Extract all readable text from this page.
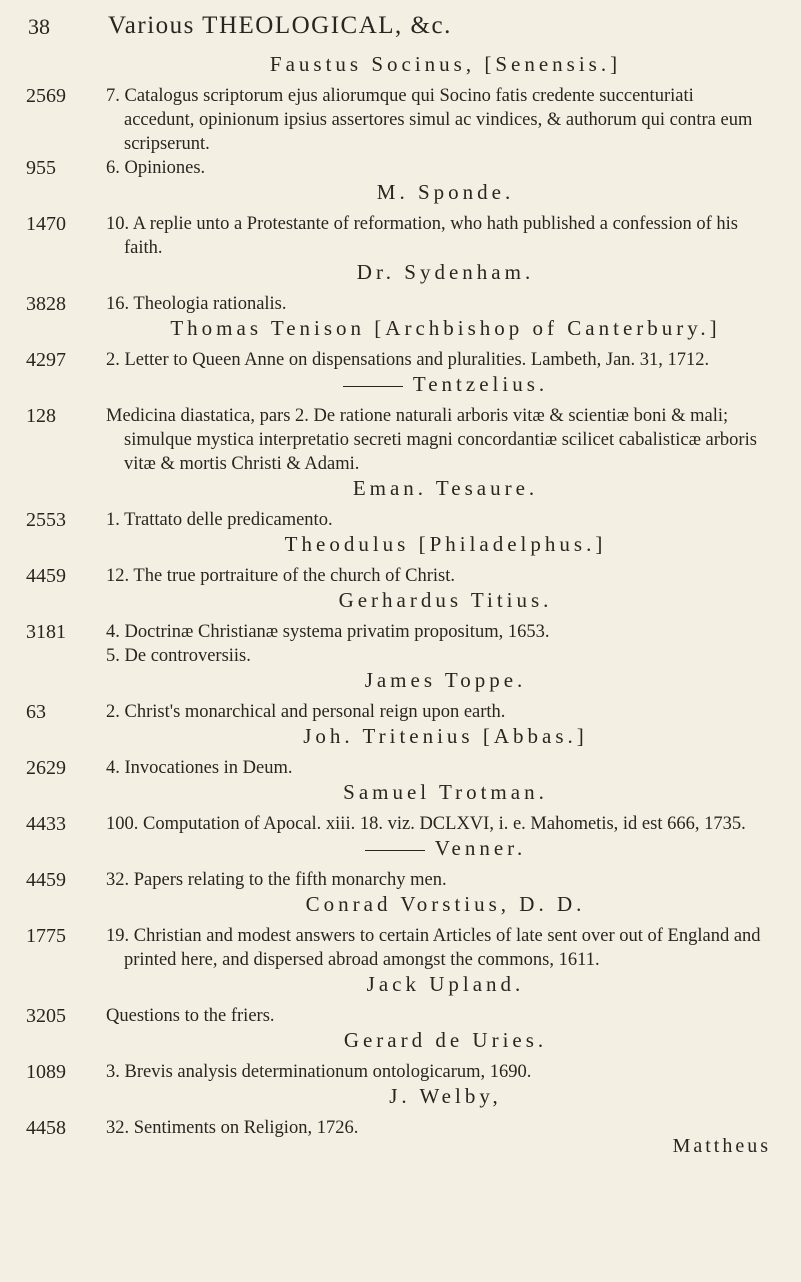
38 Various THEOLOGICAL, &c.
Faustus Socinus, [Senensis.]
2569 7. Catalogus scriptorum ejus aliorumque qui Socino fatis credente succenturiati accedunt, opinionum ipsius assertores simul ac vindices, & authorum qui contra eum scripserunt.
955	6. Opiniones.
M. Sponde.
1470 10. A replie unto a Protestante of reformation, who hath published a confession of his faith.
Dr. Sydenham.
3828 16. Theologia rationalis.
Thomas Tenison [Archbishop of Canterbury.]
4297 2. Letter to Queen Anne on dispensations and pluralities. Lambeth, Jan. 31, 1712.
Tentzelius.
128	Medicina diastatica, pars 2. De ratione naturali arboris vitæ & scientiæ boni & mali; simulque mystica interpretatio secreti magni concordantiæ scilicet cabalisticæ arboris vitæ & mortis Christi & Adami.
Eman. Tesaure.
2553 1. Trattato delle predicamento.
Theodulus [Philadelphus.]
4459 12. The true portraiture of the church of Christ.
Gerhardus Titius.
3181 4. Doctrinæ Christianæ systema privatim propositum, 1653.
5. De controversiis.
James Toppe.
63	2. Christ's monarchical and personal reign upon earth.
Joh. Tritenius [Abbas.]
2629 4. Invocationes in Deum.
Samuel Trotman.
4433 100. Computation of Apocal. xiii. 18. viz. DCLXVI, i. e. Mahometis, id est 666, 1735.
Venner.
4459 32. Papers relating to the fifth monarchy men.
Conrad Vorstius, D. D.
1775 19. Christian and modest answers to certain Articles of late sent over out of England and printed here, and dispersed abroad amongst the commons, 1611.
Jack Upland.
3205 Questions to the friers.
Gerard de Uries.
1089 3. Brevis analysis determinationum ontologicarum, 1690.
J. Welby,
4458 32. Sentiments on Religion, 1726.
Mattheus
